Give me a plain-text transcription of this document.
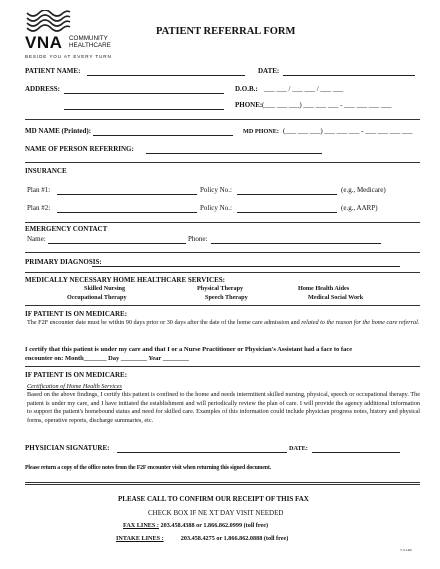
VNA COMMUNITY
HEALTHCARE
BESIDE YOU AT EVERY TURN
PATIENT REFERRAL FORM
PATIENT NAME:	DATE:
ADDRESS:	D.O.B.: ___ ___ / ___ ___ / ___ ___
PHONE: (___ ___ ___) ___ ___ ___ - ___ ___ ___ ___
MD NAME (Printed):	MD PHONE: (___ ___ ___) ___ ___ ___ - ___ ___ ___ ___
NAME OF PERSON REFERRING:
INSURANCE
Plan #1:	Policy No.:	(e.g., Medicare)
Plan #2:	Policy No.:	(e.g., AARP)
EMERGENCY CONTACT
Name:	Phone:
PRIMARY DIAGNOSIS:
MEDICALLY NECESSARY HOME HEALTHCARE SERVICES:
Skilled Nursing	Physical Therapy	Home Health Aides
Occupational Therapy	Speech Therapy	Medical Social Work
IF PATIENT IS ON MEDICARE:
The F2F encounter date must be within 90 days prior or 30 days after the date of the home care admission and related to the reason for the home care referral.
I certify that this patient is under my care and that I or a Nurse Practitioner or Physician's Assistant had a face to face
encounter on: Month_______ Day ________ Year ________
IF PATIENT IS ON MEDICARE:
Certification of Home Health Services
Based on the above findings, I certify this patient is confined to the home and needs intermittent skilled nursing, physical, speech or occupational therapy. The patient is under my care, and I have initiated the establishment and will periodically review the plan of care. I will provide the agency additional information to support the patient's homebound status and need for skilled care. Examples of this information could include physician progress notes, history and physical forms, operative reports, discharge summaries, etc.
PHYSICIAN SIGNATURE:	DATE:
Please return a copy of the office notes from the F2F encounter visit when returning this signed document.
PLEASE CALL TO CONFIRM OUR RECEIPT OF THIS FAX
CHECK BOX IF NE XT DAY VISIT NEEDED
FAX LINES : 203.458.4388 or 1.866.862.0999 (toll free)
INTAKE LINES :	203.458.4275 or 1.866.862.0888 (toll free)
7-3-14R
